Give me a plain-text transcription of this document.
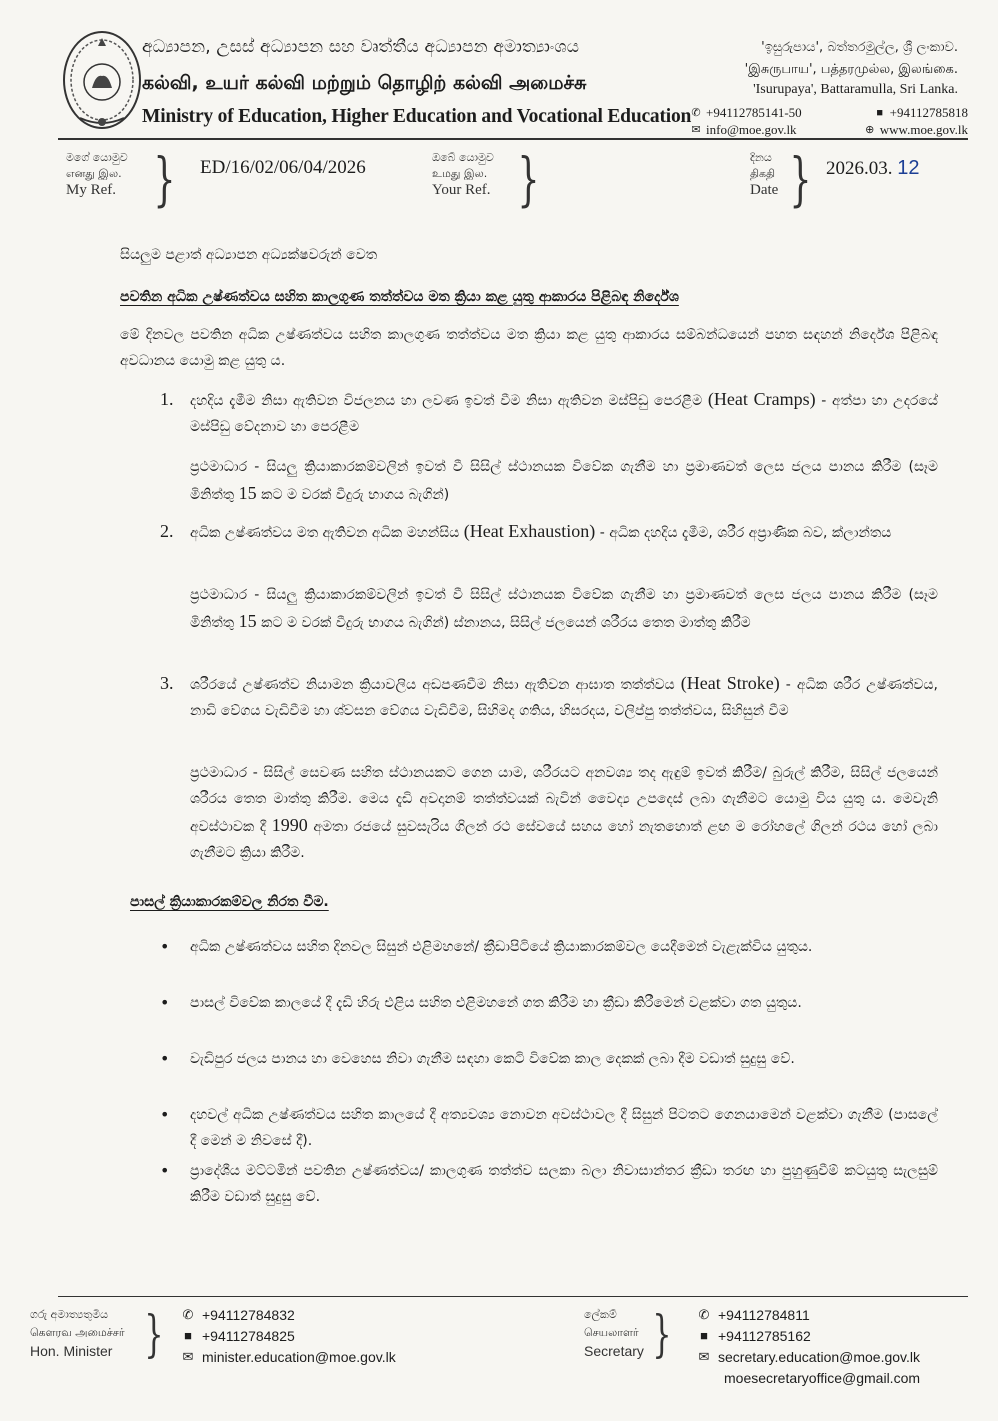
අධ්‍යාපන, උසස් අධ්‍යාපන සහ වෘත්තීය අධ්‍යාපන අමාත්‍යාංශය
கல்வி, உயர் கல்வி மற்றும் தொழிற் கல்வி அமைச்சு
Ministry of Education, Higher Education and Vocational Education
'ඉසුරුපාය', බත්තරමුල්ල, ශ්‍රී ලංකාව.
'இசுருபாய', பத்தரமுல்ல, இலங்கை.
'Isurupaya', Battaramulla, Sri Lanka.
✆ +94112785141-50	■ +94112785818
✉ info@moe.gov.lk	⊕ www.moe.gov.lk
මගේ යොමුව
எனது இல.
My Ref. } ED/16/02/06/04/2026	ඔබේ යොමුව
உமது இல.
Your Ref. }	දිනය
திகதி
Date } 2026.03. 12
සියලුම පළාත් අධ්‍යාපන අධ්‍යක්ෂවරුන් වෙත
පවතින අධික උෂ්ණත්වය සහිත කාලගුණ තත්ත්වය මත ක්‍රියා කළ යුතු ආකාරය පිළිබඳ නිර්දේශ
මේ දිනවල පවතින අධික උෂ්ණත්වය සහිත කාලගුණ තත්ත්වය මත ක්‍රියා කළ යුතු ආකාරය සම්බන්ධයෙන් පහත සඳහන් නිර්දේශ පිළිබඳ අවධානය යොමු කළ යුතු ය.
1. දහදිය දැමීම නිසා ඇතිවන විජලනය හා ලවණ ඉවත් වීම නිසා ඇතිවන මස්පිඩු පෙරළීම (Heat Cramps) - අත්පා හා උදරයේ මස්පිඩු වේදනාව හා පෙරළීම
ප්‍රථමාධාර - සියලු ක්‍රියාකාරකම්වලින් ඉවත් වී සිසිල් ස්ථානයක විවේක ගැනීම හා ප්‍රමාණවත් ලෙස ජලය පානය කිරීම (සෑම මිනිත්තු 15 කට ම වරක් වීදුරු භාගය බැගින්)
2. අධික උෂ්ණත්වය මත ඇතිවන අධික මහන්සිය (Heat Exhaustion) - අධික දහදිය දැමීම, ශරීර අප්‍රාණික බව, ක්ලාන්තය
ප්‍රථමාධාර - සියලු ක්‍රියාකාරකම්වලින් ඉවත් වී සිසිල් ස්ථානයක විවේක ගැනීම හා ප්‍රමාණවත් ලෙස ජලය පානය කිරීම (සෑම මිනිත්තු 15 කට ම වරක් වීදුරු භාගය බැගින්) ස්නානය, සිසිල් ජලයෙන් ශරීරය තෙත මාත්තු කිරීම
3. ශරීරයේ උෂ්ණත්ව නියාමන ක්‍රියාවලිය අඩපණවීම නිසා ඇතිවන ආඝාත තත්ත්වය (Heat Stroke) - අධික ශරීර උෂ්ණත්වය, නාඩි වේගය වැඩිවීම හා ශ්වසන වේගය වැඩිවීම, සිහිමද ගතිය, හිසරදය, වලිප්පු තත්ත්වය, සිහිසුන් වීම
ප්‍රථමාධාර - සිසිල් සෙවණ සහිත ස්ථානයකට ගෙන යාම, ශරීරයට අනවශ්‍ය තද ඇඳුම් ඉවත් කිරීම/ බුරුල් කිරීම, සිසිල් ජලයෙන් ශරීරය තෙත මාත්තු කිරීම. මෙය දැඩි අවදානම් තත්ත්වයක් බැවින් වෛද්‍ය උපදෙස් ලබා ගැනීමට යොමු විය යුතු ය. මෙවැනි අවස්ථාවක දී 1990 අමතා රජයේ සුවසැරිය ගිලන් රථ සේවයේ සහය හෝ නැතහොත් ළඟ ම රෝහලේ ගිලන් රථය හෝ ලබා ගැනීමට ක්‍රියා කිරීම.
පාසල් ක්‍රියාකාරකම්වල නිරත වීම.
• අධික උෂ්ණත්වය සහිත දිනවල සිසුන් එළිමහනේ/ ක්‍රීඩාපිටියේ ක්‍රියාකාරකම්වල යෙදීමෙන් වැළැක්විය යුතුය.
• පාසල් විවේක කාලයේ දී දැඩි හිරු එළිය සහිත එළිමහනේ ගත කිරීම හා ක්‍රීඩා කිරීමෙන් වළක්වා ගත යුතුය.
• වැඩිපුර ජලය පානය හා වෙහෙස නිවා ගැනීම සඳහා කෙටි විවේක කාල දෙකක් ලබා දීම වඩාත් සුදුසු වේ.
• දහවල් අධික උෂ්ණත්වය සහිත කාලයේ දී අත්‍යවශ්‍ය නොවන අවස්ථාවල දී සිසුන් පිටතට ගෙනයාමෙන් වළක්වා ගැනීම (පාසලේ දී මෙන් ම නිවසේ දී).
• ප්‍රාදේශීය මට්ටමින් පවතින උෂ්ණත්වය/ කාලගුණ තත්ත්ව සලකා බලා නිවාසාන්තර ක්‍රීඩා තරඟ හා පුහුණුවීම් කටයුතු සැලසුම් කිරීම වඩාත් සුදුසු වේ.
ගරු අමාත්‍යතුමිය
கௌரவ அமைச்சர்
Hon. Minister } ✆ +94112784832
■ +94112784825
✉ minister.education@moe.gov.lk
ලේකම්
செயலாளர்
Secretary } ✆ +94112784811
■ +94112785162
✉ secretary.education@moe.gov.lk
moesecretaryoffice@gmail.com
